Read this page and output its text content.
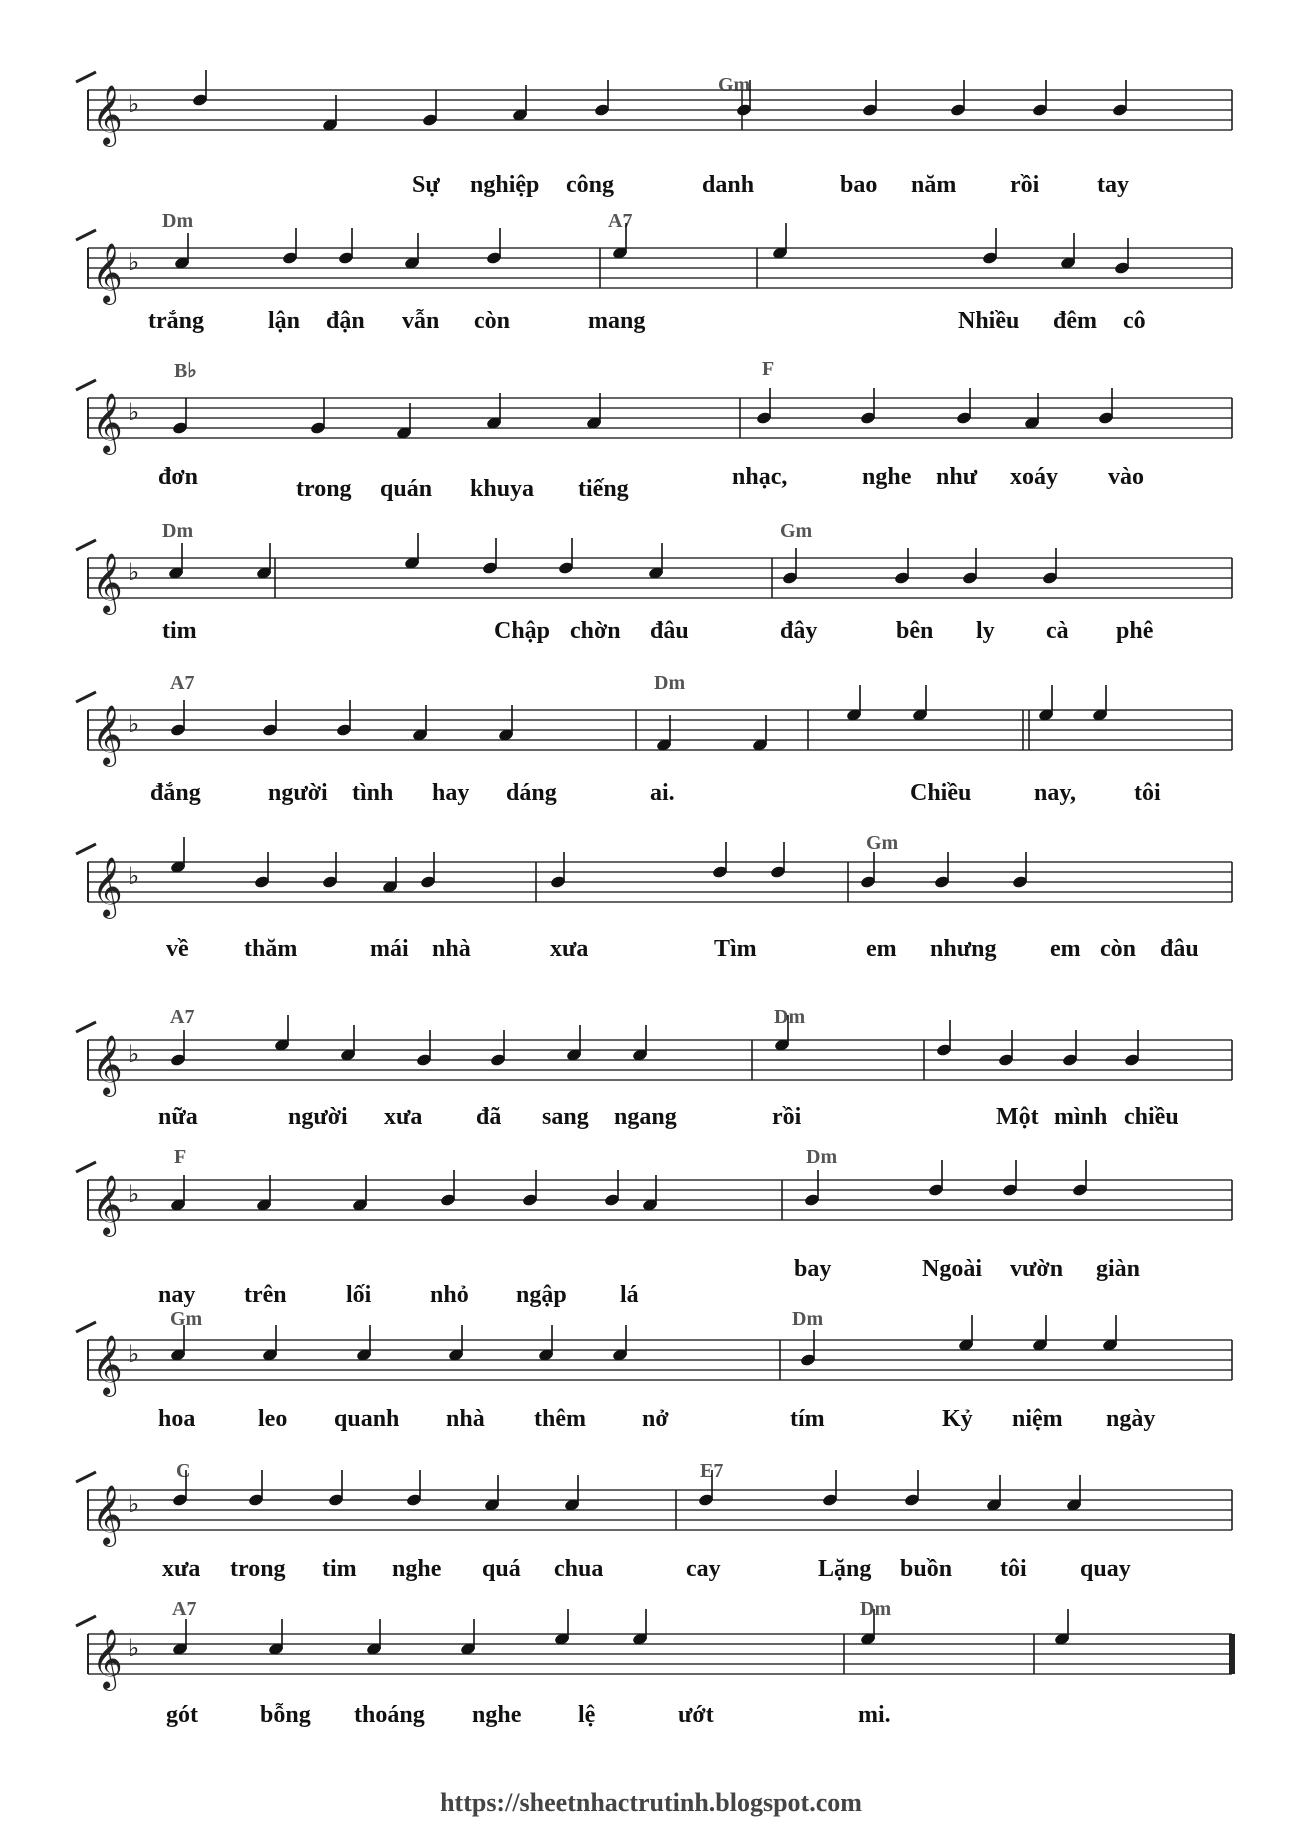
Gm
Sự nghiệp công	danh	bao năm rồi tay
𝄞 ♭
Dm	A7
trắng	lận đận vẫn còn	mang	Nhiều đêm cô
𝄞 ♭
B♭	F
đơn	trong quán khuya tiếng	nhạc,	nghe như xoáy vào
𝄞 ♭
Dm	Gm
tim	Chập chờn đâu	đây	bên ly cà phê
𝄞 ♭
A7	Dm
đắng	người tình hay dáng	ai.	Chiều	nay, tôi
𝄞 ♭
Gm
về thăm	mái nhà	xưa	Tìm	em nhưng em còn đâu
𝄞 ♭
A7	Dm
nữa	người xưa đã sang ngang	rồi	Một mình chiều
𝄞 ♭
F	Dm
nay trên lối nhỏ ngập lá
bay	Ngoài vườn giàn
𝄞 ♭
Gm	Dm
hoa	leo quanh nhà thêm nở	tím	Kỷ niệm ngày
𝄞 ♭
C	E7
xưa trong tim nghe quá chua	cay	Lặng buồn tôi quay
𝄞 ♭
A7	Dm
gót	bỗng thoáng nghe lệ	ướt	mi.
𝄞 ♭
https://sheetnhactrutinh.blogspot.com
